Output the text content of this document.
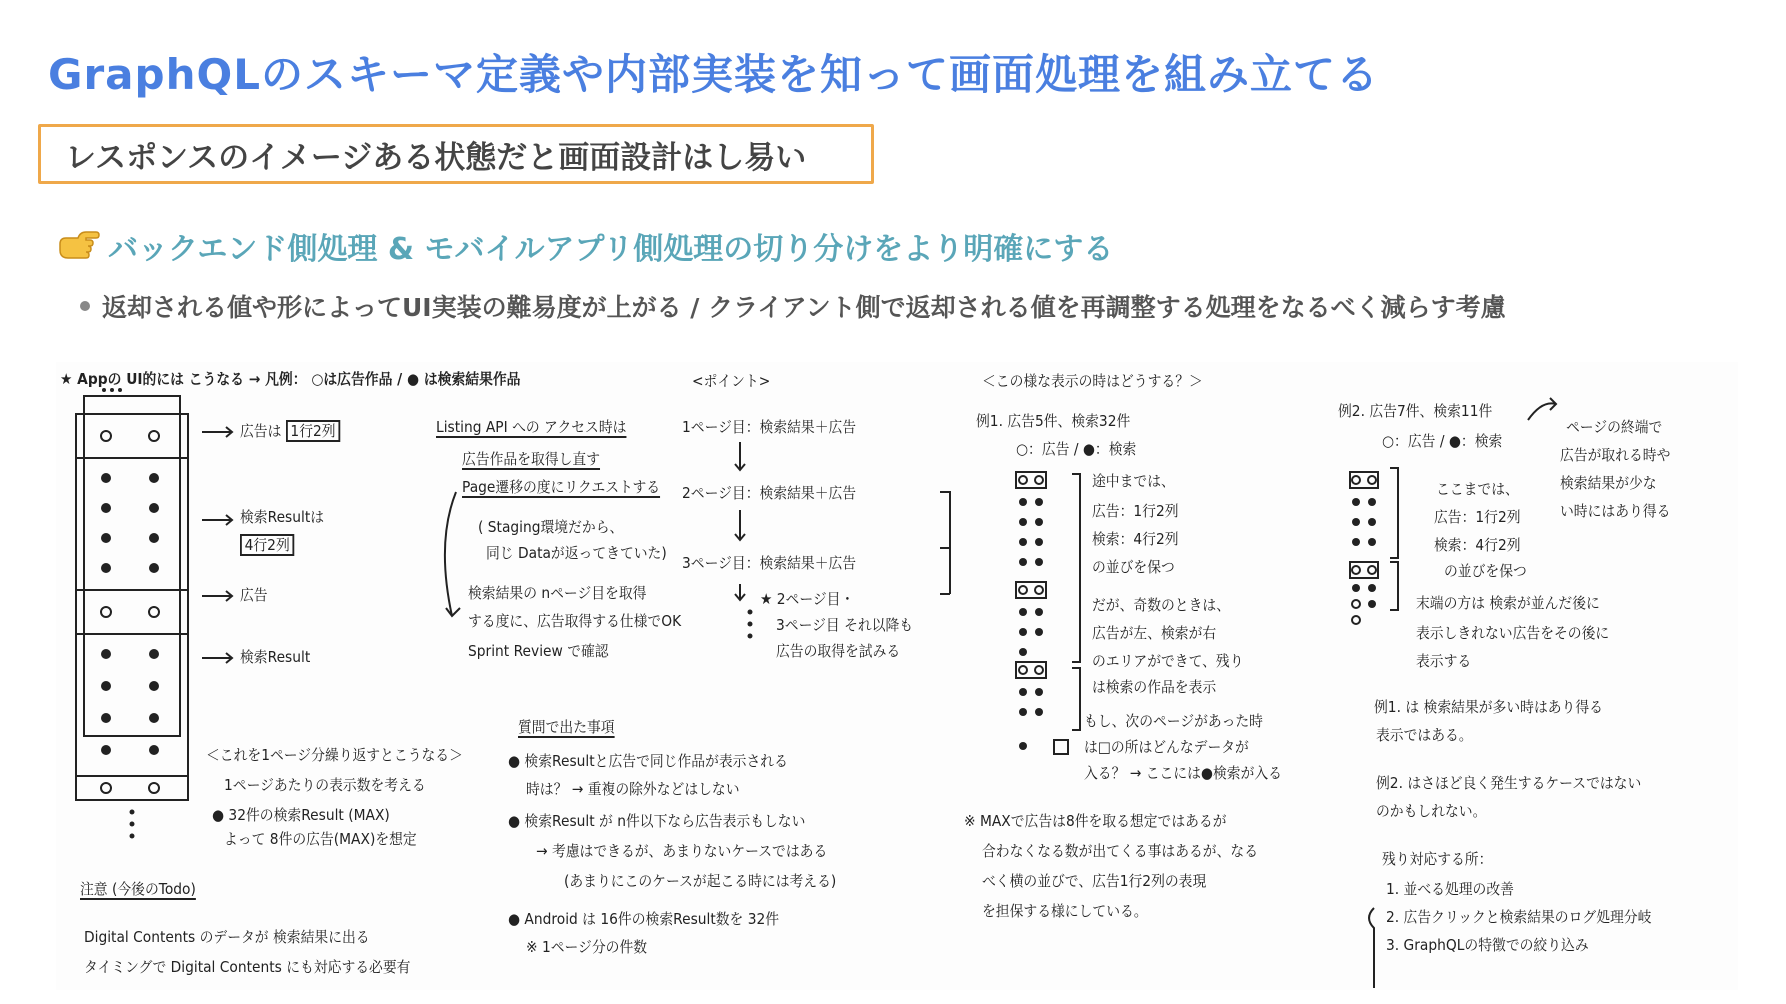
GraphQLのスキーマ定義や内部実装を知って画面処理を組み立てる
レスポンスのイメージある状態だと画面設計はし易い
バックエンド側処理 & モバイルアプリ側処理の切り分けをより明確にする
返却される値や形によってUI実装の難易度が上がる / クライアント側で返却される値を再調整する処理をなるべく減らす考慮
★ Appの UI的には こうなる → 凡例： ○は広告作品 / ● は検索結果作品
広告は 1行2列
検索Resultは
4行2列
広告
検索Result
＜これを1ページ分繰り返すとこうなる＞
1ページあたりの表示数を考える
● 32件の検索Result (MAX)
よって 8件の広告(MAX)を想定
注意 (今後のTodo)
Digital Contents のデータが 検索結果に出る
タイミングで Digital Contents にも対応する必要有
Listing API への アクセス時は
広告作品を取得し直す
Page遷移の度にリクエストする
( Staging環境だから、
同じ Dataが返ってきていた)
検索結果の nページ目を取得
する度に、広告取得する仕様でOK
Sprint Review で確認
<ポイント>
1ページ目：検索結果＋広告
2ページ目：検索結果＋広告
3ページ目：検索結果＋広告
★ 2ページ目・
3ページ目 それ以降も
広告の取得を試みる
質問で出た事項
● 検索Resultと広告で同じ作品が表示される
時は？ → 重複の除外などはしない
● 検索Result が n件以下なら広告表示もしない
→ 考慮はできるが、あまりないケースではある
(あまりにこのケースが起こる時には考える)
● Android は 16件の検索Result数を 32件
※ 1ページ分の件数
＜この様な表示の時はどうする？＞
例1. 広告5件、検索32件
○：広告 / ●：検索
途中までは、
広告：1行2列
検索：4行2列
の並びを保つ
だが、奇数のときは、
広告が左、検索が右
のエリアができて、残り
は検索の作品を表示
もし、次のページがあった時
は□の所はどんなデータが
入る？ → ここには●検索が入る
※ MAXで広告は8件を取る想定ではあるが
合わなくなる数が出てくる事はあるが、なる
べく横の並びで、広告1行2列の表現
を担保する様にしている。
例2. 広告7件、検索11件
○：広告 / ●：検索
ページの終端で
広告が取れる時や
検索結果が少な
い時にはあり得る
ここまでは、
広告：1行2列
検索：4行2列
の並びを保つ
末端の方は 検索が並んだ後に
表示しきれない広告をその後に
表示する
例1. は 検索結果が多い時はあり得る
表示ではある。
例2. はさほど良く発生するケースではない
のかもしれない。
残り対応する所：
1. 並べる処理の改善
2. 広告クリックと検索結果のログ処理分岐
3. GraphQLの特徴での絞り込み
